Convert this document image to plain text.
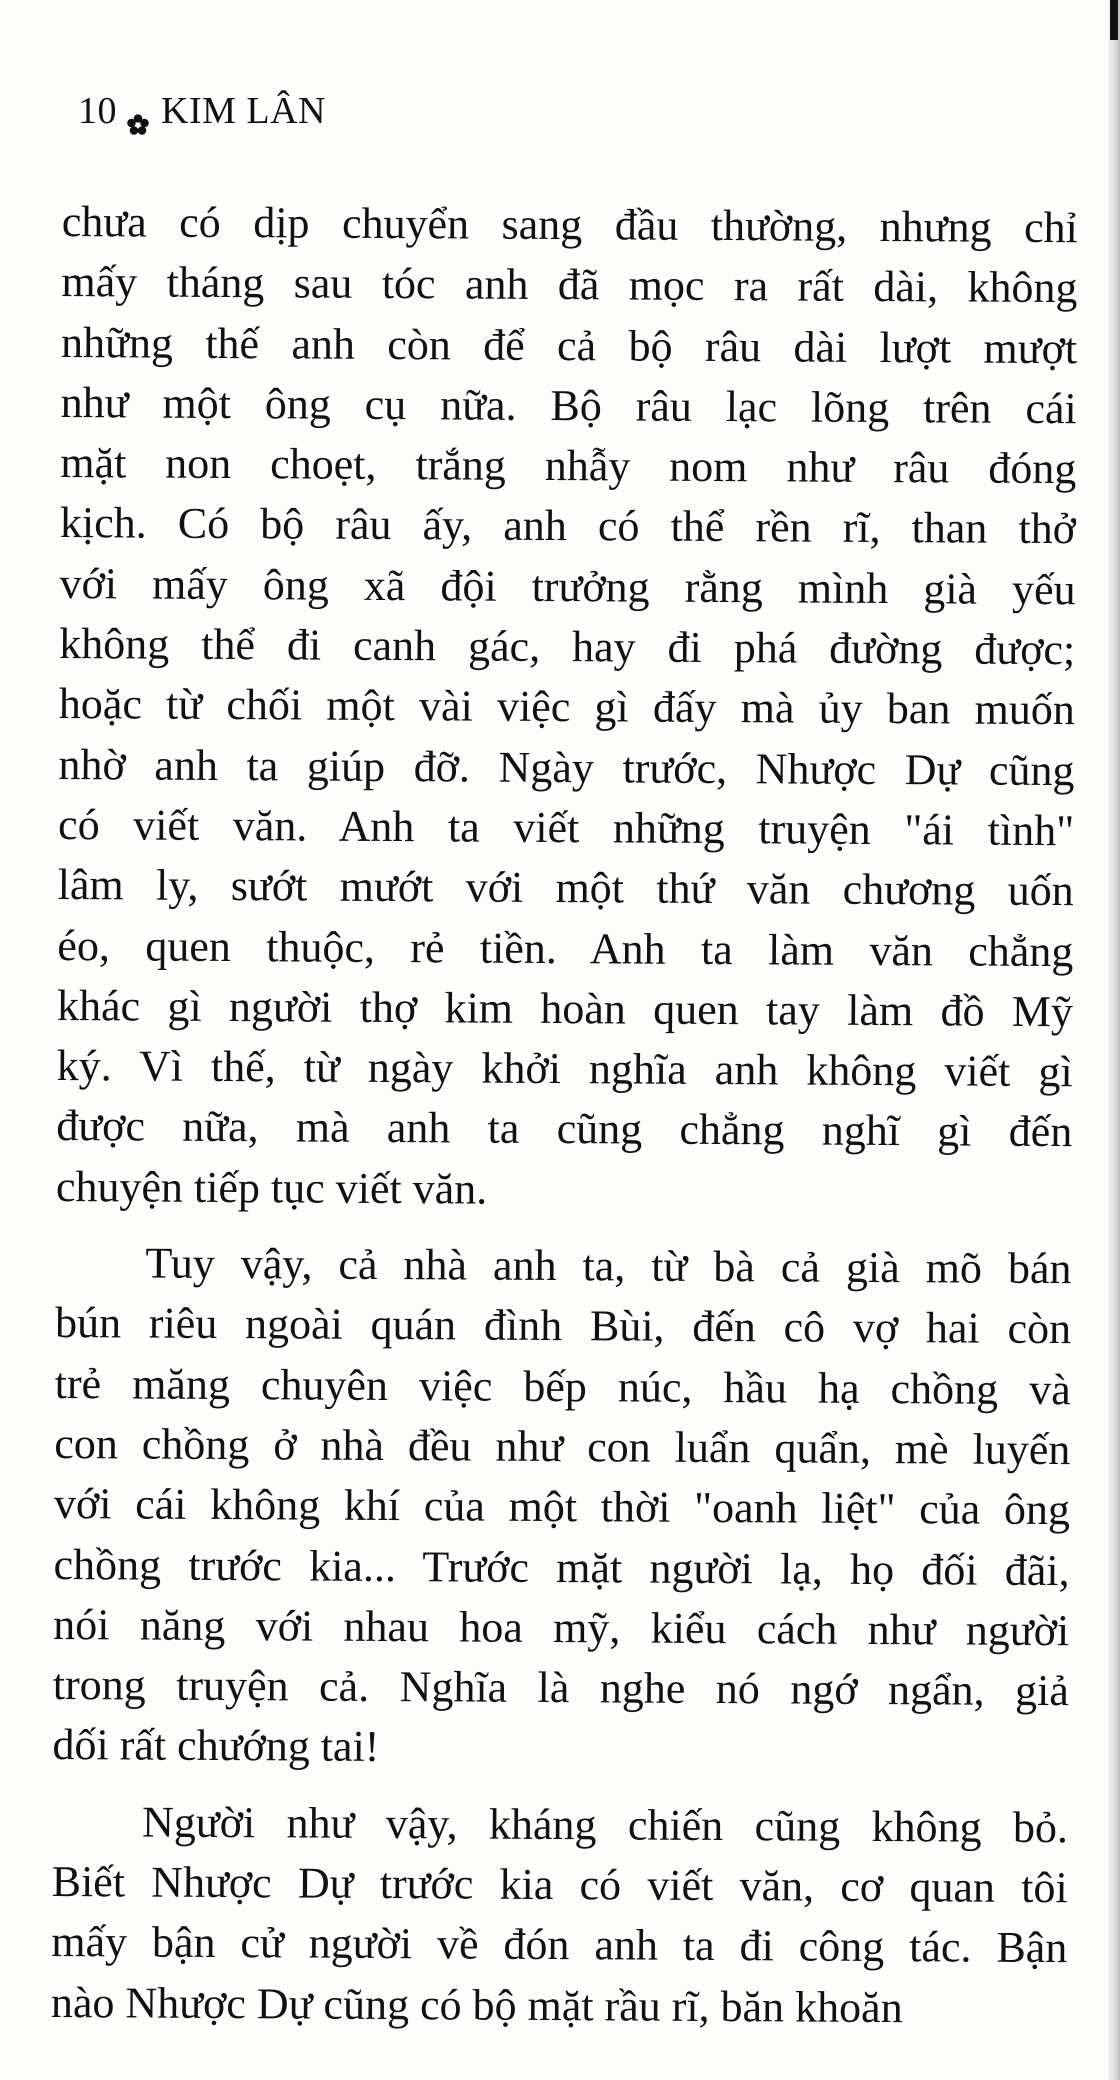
10 KIM LÂN
chưa có dịp chuyển sang đầu thường, nhưng chỉ
mấy tháng sau tóc anh đã mọc ra rất dài, không
những thế anh còn để cả bộ râu dài lượt mượt
như một ông cụ nữa. Bộ râu lạc lõng trên cái
mặt non choẹt, trắng nhẫy nom như râu đóng
kịch. Có bộ râu ấy, anh có thể rền rĩ, than thở
với mấy ông xã đội trưởng rằng mình già yếu
không thể đi canh gác, hay đi phá đường được;
hoặc từ chối một vài việc gì đấy mà ủy ban muốn
nhờ anh ta giúp đỡ. Ngày trước, Nhược Dự cũng
có viết văn. Anh ta viết những truyện "ái tình"
lâm ly, sướt mướt với một thứ văn chương uốn
éo, quen thuộc, rẻ tiền. Anh ta làm văn chẳng
khác gì người thợ kim hoàn quen tay làm đồ Mỹ
ký. Vì thế, từ ngày khởi nghĩa anh không viết gì
được nữa, mà anh ta cũng chẳng nghĩ gì đến
chuyện tiếp tục viết văn.
Tuy vậy, cả nhà anh ta, từ bà cả già mõ bán
bún riêu ngoài quán đình Bùi, đến cô vợ hai còn
trẻ măng chuyên việc bếp núc, hầu hạ chồng và
con chồng ở nhà đều như con luẩn quẩn, mè luyến
với cái không khí của một thời "oanh liệt" của ông
chồng trước kia... Trước mặt người lạ, họ đối đãi,
nói năng với nhau hoa mỹ, kiểu cách như người
trong truyện cả. Nghĩa là nghe nó ngớ ngẩn, giả
dối rất chướng tai!
Người như vậy, kháng chiến cũng không bỏ.
Biết Nhược Dự trước kia có viết văn, cơ quan tôi
mấy bận cử người về đón anh ta đi công tác. Bận
nào Nhược Dự cũng có bộ mặt rầu rĩ, băn khoăn
